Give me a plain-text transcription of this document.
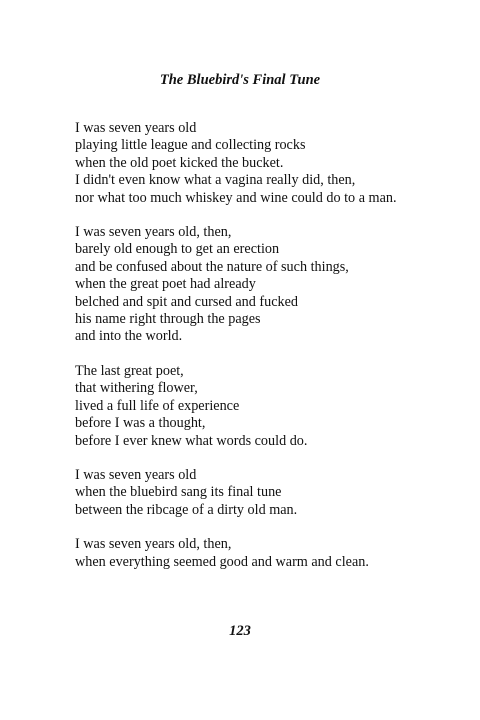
The Bluebird's Final Tune
I was seven years old
playing little league and collecting rocks
when the old poet kicked the bucket.
I didn't even know what a vagina really did, then,
nor what too much whiskey and wine could do to a man.
I was seven years old, then,
barely old enough to get an erection
and be confused about the nature of such things,
when the great poet had already
belched and spit and cursed and fucked
his name right through the pages
and into the world.
The last great poet,
that withering flower,
lived a full life of experience
before I was a thought,
before I ever knew what words could do.
I was seven years old
when the bluebird sang its final tune
between the ribcage of a dirty old man.
I was seven years old, then,
when everything seemed good and warm and clean.
123
